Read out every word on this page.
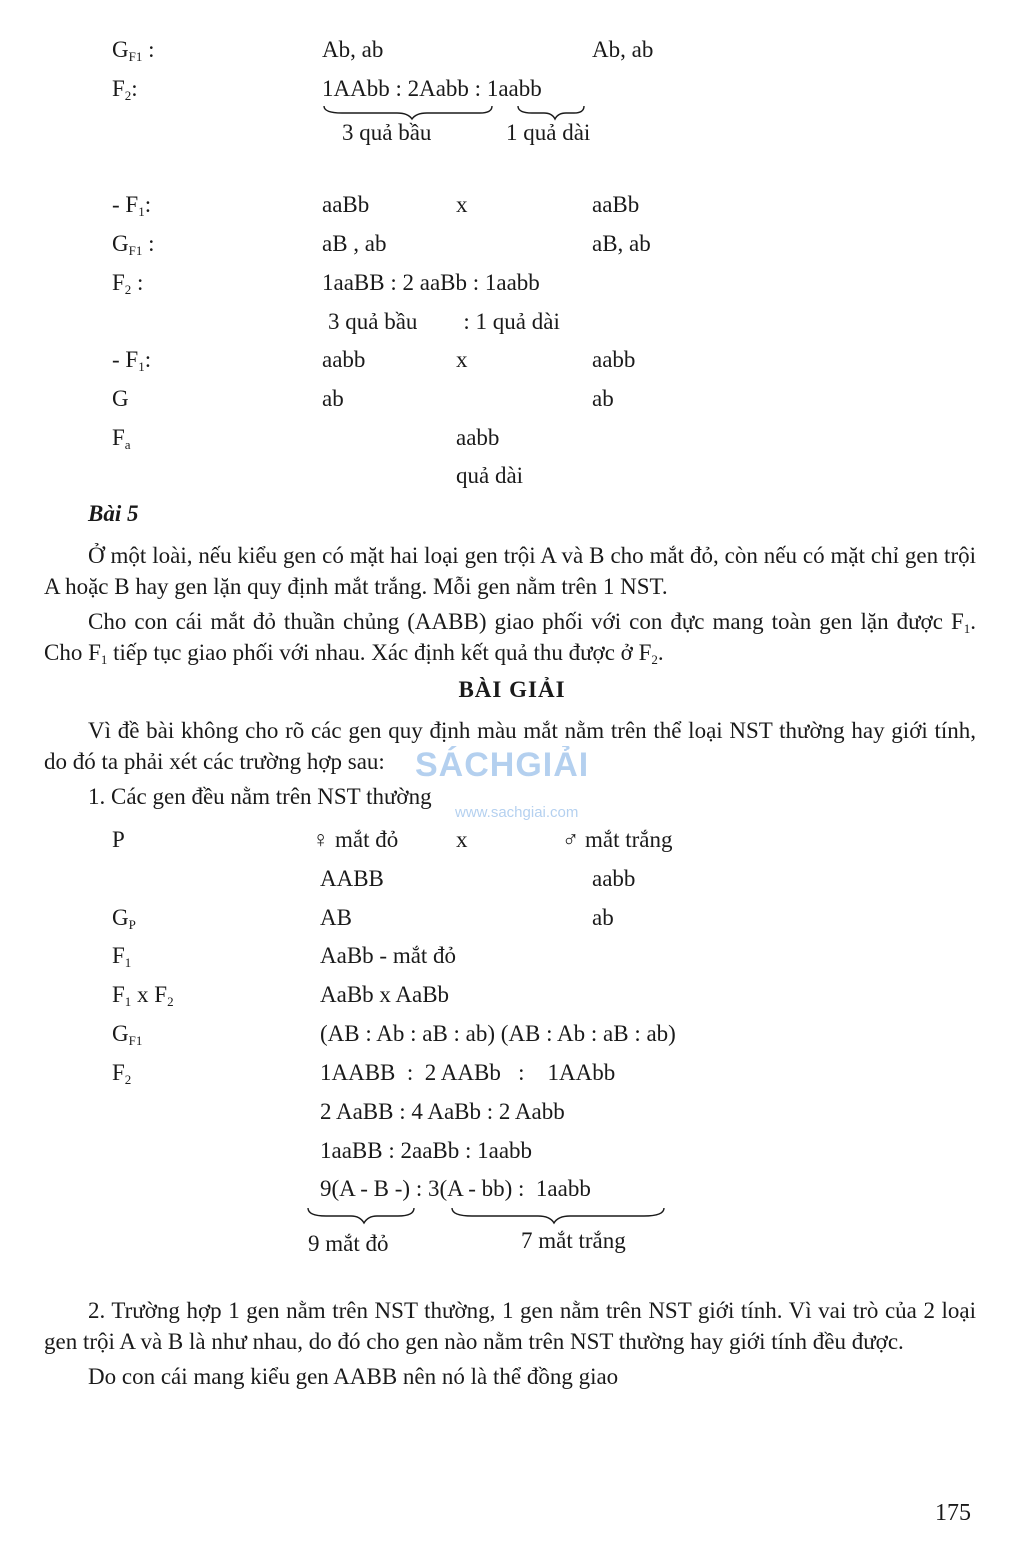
$G_{F1}$ :	Ab, ab	Ab, ab
$F_2$:	1AAbb : 2Aabb : 1aabb
3 quả bầu	1 quả dài
- $F_1$:	aaBb	x	aaBb
$G_{F1}$ :	aB , ab	aB, ab
$F_2$ :	1aaBB : 2 aaBb : 1aabb
3 quả bầu        : 1 quả dài
- $F_1$:	aabb	x	aabb
G	ab	ab
$F_a$	aabb
quả dài
Bài 5

Ở một loài, nếu kiểu gen có mặt hai loại gen trội A và B cho mắt đỏ, còn nếu có mặt chỉ gen trội A hoặc B hay gen lặn quy định mắt trắng. Mỗi gen nằm trên 1 NST.

Cho con cái mắt đỏ thuần chủng (AABB) giao phối với con đực mang toàn gen lặn được $F_1$. Cho $F_1$ tiếp tục giao phối với nhau. Xác định kết quả thu được ở $F_2$.

BÀI GIẢI

Vì đề bài không cho rõ các gen quy định màu mắt nằm trên thể loại NST thường hay giới tính, do đó ta phải xét các trường hợp sau:

1. Các gen đều nằm trên NST thường
SÁCHGIẢI
www.sachgiai.com
P	♀ mắt đỏ	x	♂ mắt trắng
AABB	aabb
$G_P$	AB	ab
$F_1$	AaBb - mắt đỏ
$F_1$ x $F_2$	AaBb x AaBb
$G_{F1}$	(AB : Ab : aB : ab) (AB : Ab : aB : ab)
$F_2$	1AABB  :  2 AABb   :    1AAbb
2 AaBB : 4 AaBb : 2 Aabb
1aaBB : 2aaBb : 1aabb
9(A - B -) : 3(A - bb) :  1aabb
9 mắt đỏ	7 mắt trắng

2. Trường hợp 1 gen nằm trên NST thường, 1 gen nằm trên NST giới tính. Vì vai trò của 2 loại gen trội A và B là như nhau, do đó cho gen nào nằm trên NST thường hay giới tính đều được.

Do con cái mang kiểu gen AABB nên nó là thể đồng giao

175
